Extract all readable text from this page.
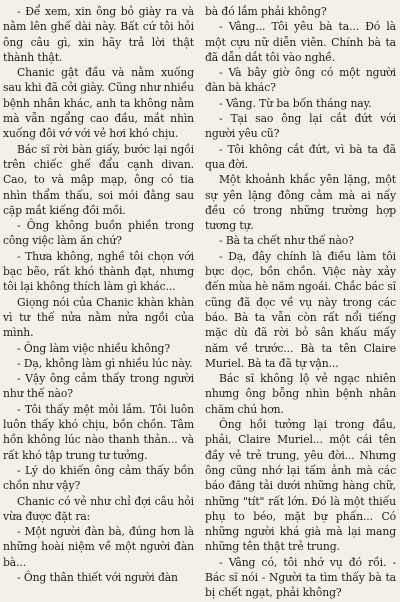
- Để xem, xin ông bỏ giày ra và nằm lên ghế dài này. Bất cứ tôi hỏi ông câu gì, xin hãy trả lời thật thành thật.

Chanic gật đầu và nằm xuống sau khi đã cởi giày. Cũng như nhiều bệnh nhân khác, anh ta không nằm mà vẫn ngẩng cao đầu, mắt nhìn xuống đôi vớ với vẻ hơi khó chịu.

Bác sĩ rời bàn giấy, bước lại ngồi trên chiếc ghế đẩu cạnh divan. Cao, to và mập mạp, ông có tia nhìn thẩm thấu, soi mói đằng sau cặp mắt kiếng đồi mồi.

- Ông không buồn phiền trong công việc làm ăn chứ?

- Thưa không, nghề tôi chọn với bạc bẽo, rất khó thành đạt, nhưng tôi lại không thích làm gì khác...

Giọng nói của Chanic khàn khàn vì tư thế nửa nằm nửa ngồi của mình.

- Ông làm việc nhiều không?

- Dạ, không làm gì nhiều lúc này.

- Vậy ông cảm thấy trong người như thế nào?

- Tôi thấy mệt mỏi lắm. Tôi luôn luôn thấy khó chịu, bồn chồn. Tâm hồn không lúc nào thanh thản... và rất khó tập trung tư tưởng.

- Lý do khiến ông cảm thấy bồn chồn như vậy?

Chanic có vẻ như chỉ đợi câu hỏi vừa được đặt ra:

- Một người đàn bà, đúng hơn là những hoài niệm về một người đàn bà...

- Ông thân thiết với người đàn

bà đó lắm phải không?

- Vâng... Tôi yêu bà ta... Đó là một cựu nữ diễn viên. Chính bà ta đã dẫn dắt tôi vào nghề.

- Và bây giờ ông có một người đàn bà khác?

- Vâng. Từ ba bốn tháng nay.

- Tại sao ông lại cắt đứt với người yêu cũ?

- Tôi không cắt đứt, vì bà ta đã qua đời.

Một khoảnh khắc yên lặng, một sự yên lặng đông cảm mà ai nấy đều có trong những trường hợp tương tự.

- Bà ta chết như thế nào?

- Dạ, đây chính là điều làm tôi bực dọc, bồn chồn. Việc này xảy đến mùa hè năm ngoái. Chắc bác sĩ cũng đã đọc về vụ này trong các báo. Bà ta vẫn còn rất nổi tiếng mặc dù đã rời bỏ sân khấu mấy năm về trước... Bà ta tên Claire Muriel. Bà ta đã tự vận...

Bác sĩ không lộ vẻ ngạc nhiên nhưng ông bỗng nhìn bệnh nhân chăm chú hơn.

Ông hồi tưởng lại trong đầu, phải, Claire Muriel... một cái tên đầy vẻ trẻ trung, yêu đời... Nhưng ông cũng nhớ lại tấm ảnh mà các báo đăng tải dưới những hàng chữ, những "tít" rất lớn. Đó là một thiếu phụ to béo, mặt bự phấn... Có những người khá già mà lại mang những tên thật trẻ trung.

- Vâng có, tôi nhớ vụ đó rồi. - Bác sĩ nói - Người ta tìm thấy bà ta bị chết ngạt, phải không?
